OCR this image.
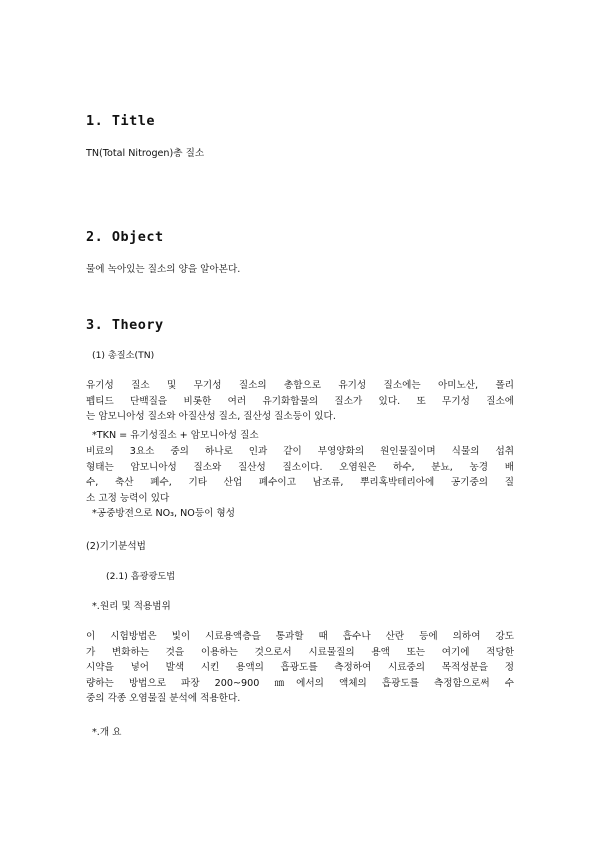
1. Title
TN(Total Nitrogen)총 질소
2. Object
물에 녹아있는 질소의 양을 알아본다.
3. Theory
(1) 총질소(TN)
유기성 질소 및 무기성 질소의 총합으로 유기성 질소에는 아미노산, 폴리
펩티드 단백질을 비롯한 여러 유기화합물의 질소가 있다. 또 무기성 질소에
는 암모니아성 질소와 아질산성 질소, 질산성 질소등이 있다.
*TKN = 유기성질소 + 암모니아성 질소
비료의 3요소 중의 하나로 인과 같이 부영양화의 원인물질이며 식물의 섭취
형태는 암모니아성 질소와 질산성 질소이다. 오염원은 하수, 분뇨, 농경 배
수, 축산 폐수, 기타 산업 폐수이고 남조류, 뿌리혹박테리아에 공기중의 질
소 고정 능력이 있다
*공중방전으로 NO₃, NO등이 형성
(2)기기분석법
(2.1) 흡광광도법
*.원리 및 적용범위
이 시험방법은 빛이 시료용액층을 통과할 때 흡수나 산란 등에 의하여 강도
가 변화하는 것을 이용하는 것으로서 시료물질의 용액 또는 여기에 적당한
시약을 넣어 발색 시킨 용액의 흡광도를 측정하여 시료중의 목적성분을 정
량하는 방법으로 파장 200~900 ㎚에서의 액체의 흡광도를 측정함으로써 수
중의 각종 오염물질 분석에 적용한다.
*.개 요
